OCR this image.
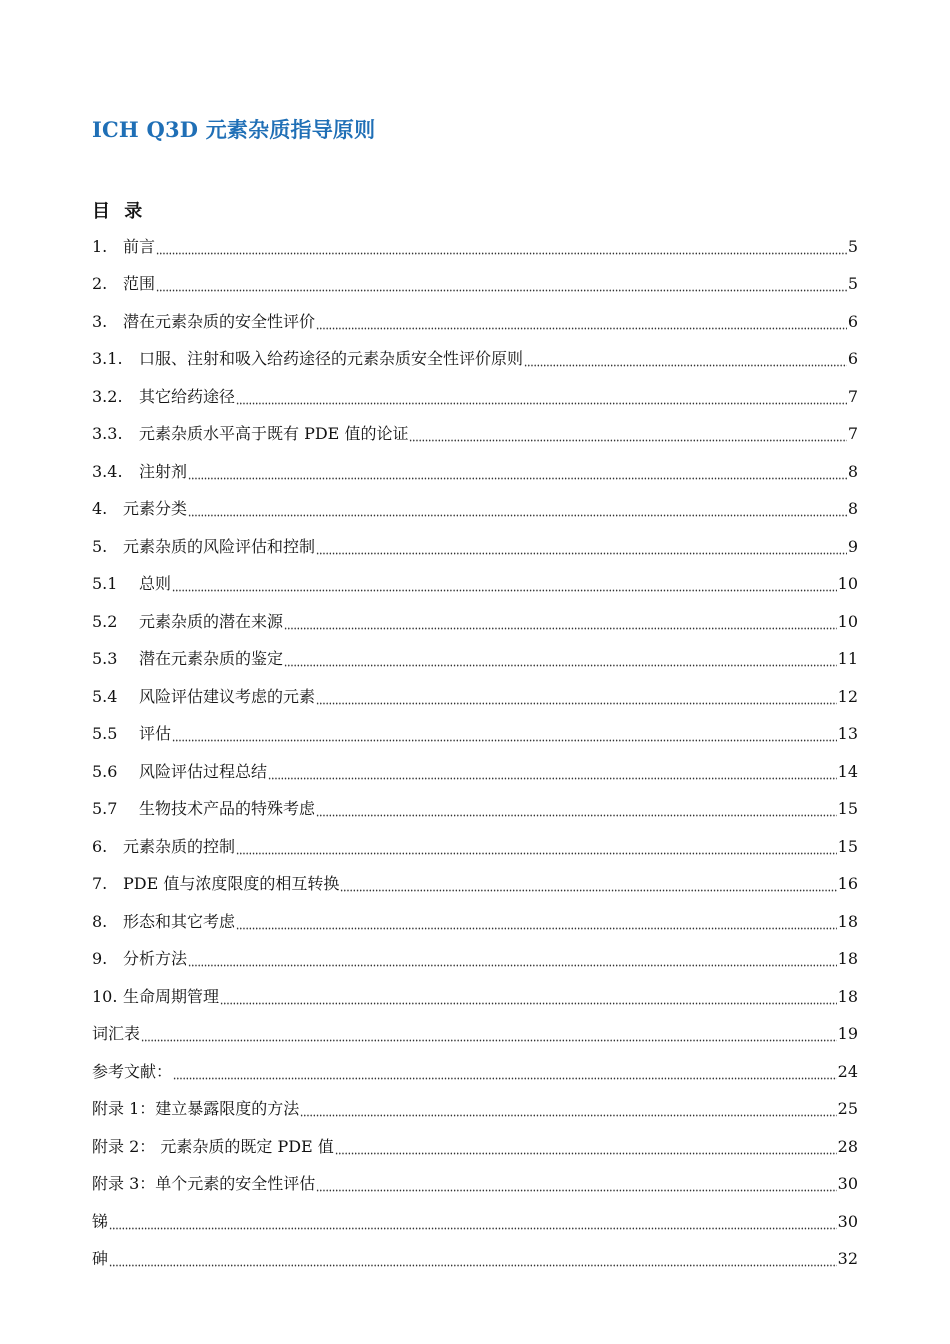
ICH Q3D 元素杂质指导原则
目 录
1. 前言	5
2. 范围	5
3. 潜在元素杂质的安全性评价	6
3.1.	口服、注射和吸入给药途径的元素杂质安全性评价原则	6
3.2.	其它给药途径	7
3.3.	元素杂质水平高于既有 PDE 值的论证	7
3.4.	注射剂	8
4. 元素分类	8
5. 元素杂质的风险评估和控制	9
5.1	总则	10
5.2	元素杂质的潜在来源	10
5.3	潜在元素杂质的鉴定	11
5.4	风险评估建议考虑的元素	12
5.5	评估	13
5.6	风险评估过程总结	14
5.7	生物技术产品的特殊考虑	15
6. 元素杂质的控制	15
7. PDE 值与浓度限度的相互转换	16
8. 形态和其它考虑	18
9. 分析方法	18
10. 生命周期管理	18
词汇表	19
参考文献：	24
附录 1：建立暴露限度的方法	25
附录 2： 元素杂质的既定 PDE 值	28
附录 3：单个元素的安全性评估	30
锑	30
砷	32
